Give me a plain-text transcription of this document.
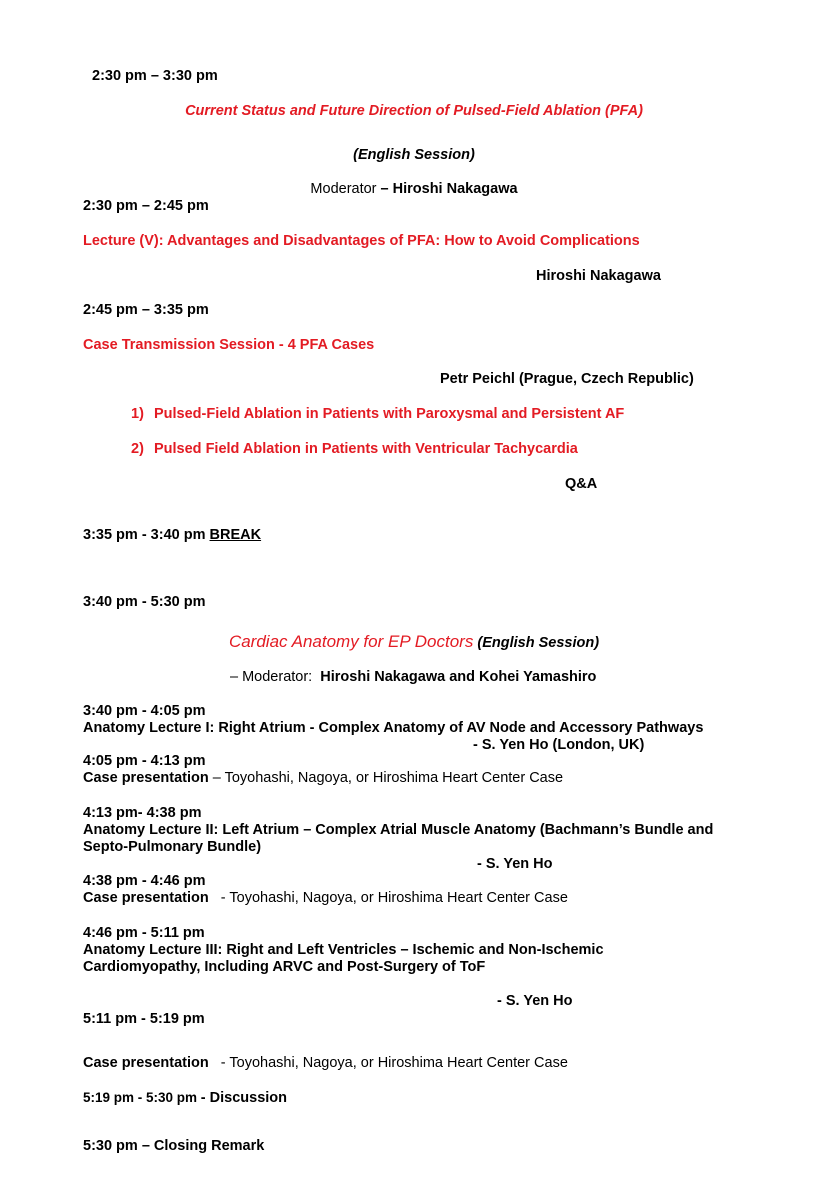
2:30 pm – 3:30 pm
Current Status and Future Direction of Pulsed-Field Ablation (PFA)
(English Session)
Moderator – Hiroshi Nakagawa
2:30 pm – 2:45 pm
Lecture (V): Advantages and Disadvantages of PFA: How to Avoid Complications
Hiroshi Nakagawa
2:45 pm – 3:35 pm
Case Transmission Session - 4 PFA Cases
Petr Peichl (Prague, Czech Republic)
1) Pulsed-Field Ablation in Patients with Paroxysmal and Persistent AF
2) Pulsed Field Ablation in Patients with Ventricular Tachycardia
Q&A
3:35 pm - 3:40 pm BREAK
3:40 pm - 5:30 pm
Cardiac Anatomy for EP Doctors (English Session)
– Moderator: Hiroshi Nakagawa and Kohei Yamashiro
3:40 pm - 4:05 pm
Anatomy Lecture I: Right Atrium - Complex Anatomy of AV Node and Accessory Pathways
- S. Yen Ho (London, UK)
4:05 pm - 4:13 pm
Case presentation – Toyohashi, Nagoya, or Hiroshima Heart Center Case
4:13 pm- 4:38 pm
Anatomy Lecture II: Left Atrium – Complex Atrial Muscle Anatomy (Bachmann’s Bundle and
Septo-Pulmonary Bundle)
- S. Yen Ho
4:38 pm - 4:46 pm
Case presentation   - Toyohashi, Nagoya, or Hiroshima Heart Center Case
4:46 pm - 5:11 pm
Anatomy Lecture III: Right and Left Ventricles – Ischemic and Non-Ischemic
Cardiomyopathy, Including ARVC and Post-Surgery of ToF
- S. Yen Ho
5:11 pm - 5:19 pm
Case presentation   - Toyohashi, Nagoya, or Hiroshima Heart Center Case
5:19 pm - 5:30 pm - Discussion
5:30 pm – Closing Remark
